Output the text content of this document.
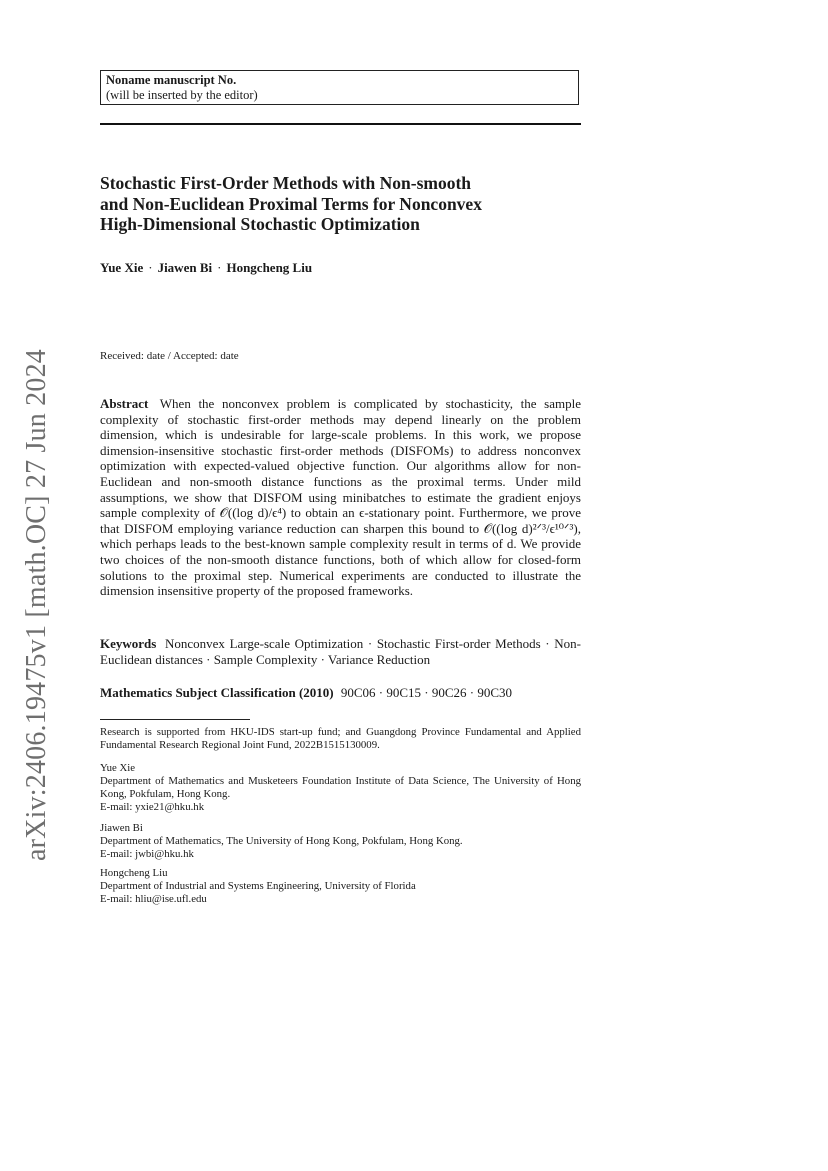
arXiv:2406.19475v1 [math.OC] 27 Jun 2024
Noname manuscript No.
(will be inserted by the editor)
Stochastic First-Order Methods with Non-smooth
and Non-Euclidean Proximal Terms for Nonconvex
High-Dimensional Stochastic Optimization
Yue Xie · Jiawen Bi · Hongcheng Liu
Received: date / Accepted: date
Abstract When the nonconvex problem is complicated by stochasticity, the sample complexity of stochastic first-order methods may depend linearly on the problem dimension, which is undesirable for large-scale problems. In this work, we propose dimension-insensitive stochastic first-order methods (DISFOMs) to address nonconvex optimization with expected-valued objective function. Our algorithms allow for non-Euclidean and non-smooth distance functions as the proximal terms. Under mild assumptions, we show that DISFOM using minibatches to estimate the gradient enjoys sample complexity of 𝒪((log d)/ϵ⁴) to obtain an ϵ-stationary point. Furthermore, we prove that DISFOM employing variance reduction can sharpen this bound to 𝒪((log d)²ᐟ³/ϵ¹⁰ᐟ³), which perhaps leads to the best-known sample complexity result in terms of d. We provide two choices of the non-smooth distance functions, both of which allow for closed-form solutions to the proximal step. Numerical experiments are conducted to illustrate the dimension insensitive property of the proposed frameworks.
Keywords Nonconvex Large-scale Optimization · Stochastic First-order Methods · Non-Euclidean distances · Sample Complexity · Variance Reduction
Mathematics Subject Classification (2010) 90C06 · 90C15 · 90C26 · 90C30
Research is supported from HKU-IDS start-up fund; and Guangdong Province Fundamental and Applied Fundamental Research Regional Joint Fund, 2022B1515130009.
Yue Xie
Department of Mathematics and Musketeers Foundation Institute of Data Science, The University of Hong Kong, Pokfulam, Hong Kong.
E-mail: yxie21@hku.hk
Jiawen Bi
Department of Mathematics, The University of Hong Kong, Pokfulam, Hong Kong.
E-mail: jwbi@hku.hk
Hongcheng Liu
Department of Industrial and Systems Engineering, University of Florida
E-mail: hliu@ise.ufl.edu
